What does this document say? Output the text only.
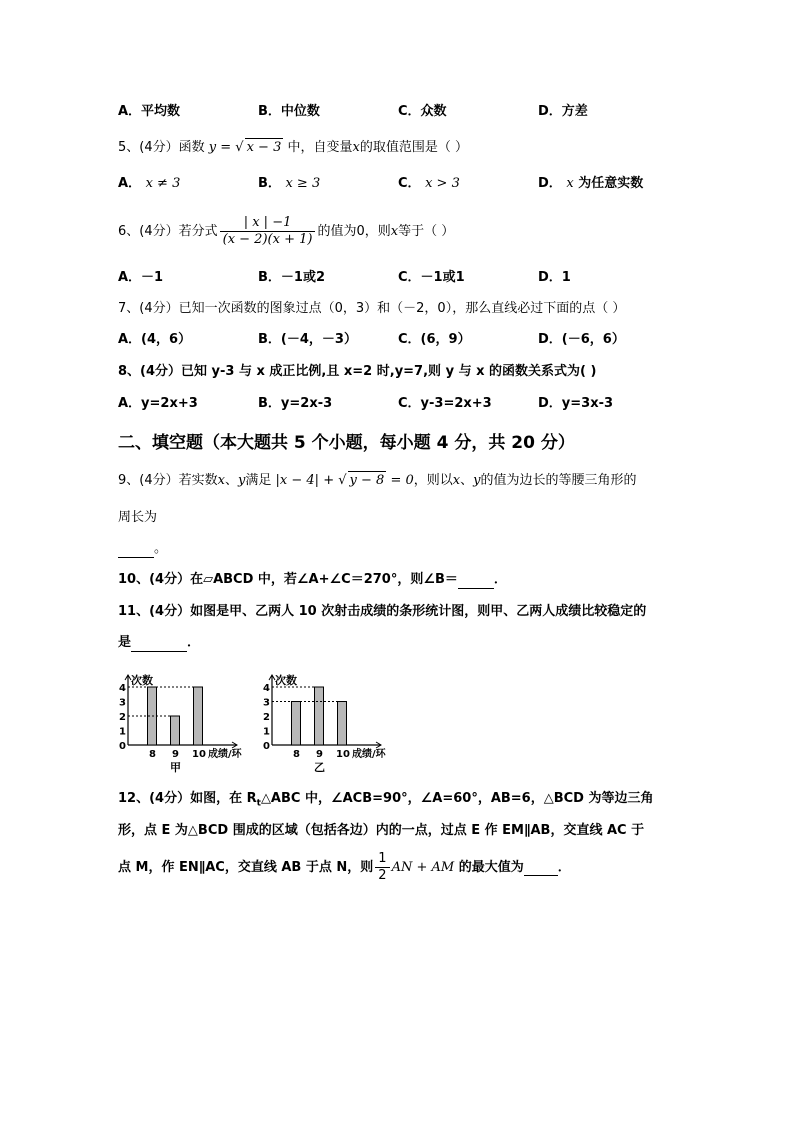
A．平均数	B．中位数	C．众数	D．方差
5、(4分）函数 y = √ x − 3 中，自变量x的取值范围是（ ）
A． x ≠ 3	B． x ≥ 3	C． x > 3	D． x 为任意实数
6、(4分）若分式 $\frac{| x | -1}{(x - 2)(x + 1)}$ 的值为0，则x等于（ ）
A．－1	B．－1或2	C．－1或1	D．1
7、(4分）已知一次函数的图象过点（0，3）和（－2，0），那么直线必过下面的点（ ）
A．(4，6）	B．(－4，－3）	C．(6，9）	D．(－6，6）
8、(4分）已知 y-3 与 x 成正比例,且 x=2 时,y=7,则 y 与 x 的函数关系式为( )
A．y=2x+3	B．y=2x-3	C．y-3=2x+3	D．y=3x-3
二、填空题（本大题共 5 个小题，每小题 4 分，共 20 分）
9、(4分）若实数x、y满足 |x − 4| + √ y − 8 = 0，则以x、y的值为边长的等腰三角形的
周长为
。
10、(4分）在▱ABCD 中，若∠A+∠C＝270°，则∠B＝	．
11、(4分）如图是甲、乙两人 10 次射击成绩的条形统计图，则甲、乙两人成绩比较稳定的
是	．
次数
0
1
2
3
4
8 9 10 成绩/环
甲
次数
0
1
2
3
4
8 9 10 成绩/环
乙
12、(4分）如图，在 $R_t\triangle ABC$ 中，∠ACB=90°，∠A=60°，AB=6，△BCD 为等边三角
形，点 E 为△BCD 围成的区域（包括各边）内的一点，过点 E 作 EM∥AB，交直线 AC 于
点 M，作 EN∥AC，交直线 AB 于点 N，则 $\frac{1}{2}$ AN + AM 的最大值为	．
